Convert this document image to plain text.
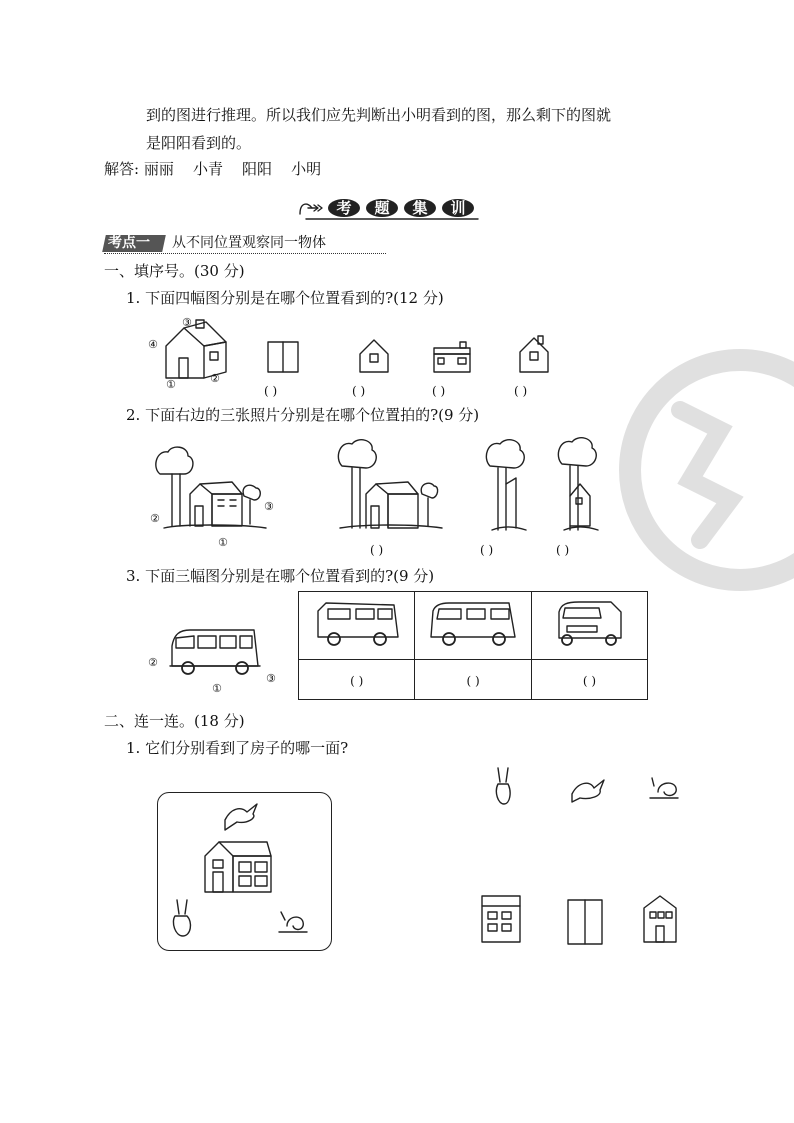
到的图进行推理。所以我们应先判断出小明看到的图，那么剩下的图就
是阳阳看到的。
解答: 丽丽 小青 阳阳 小明
考 题 集 训
考点一 从不同位置观察同一物体
一、填序号。(30 分)
1. 下面四幅图分别是在哪个位置看到的?(12 分)
③
④
①	②
( )	( )	( )	( )
2. 下面右边的三张照片分别是在哪个位置拍的?(9 分)
②
③
①
( )	( )	( )
3. 下面三幅图分别是在哪个位置看到的?(9 分)
②
③
①

( )	( )	( )
二、连一连。(18 分)
1. 它们分别看到了房子的哪一面?
